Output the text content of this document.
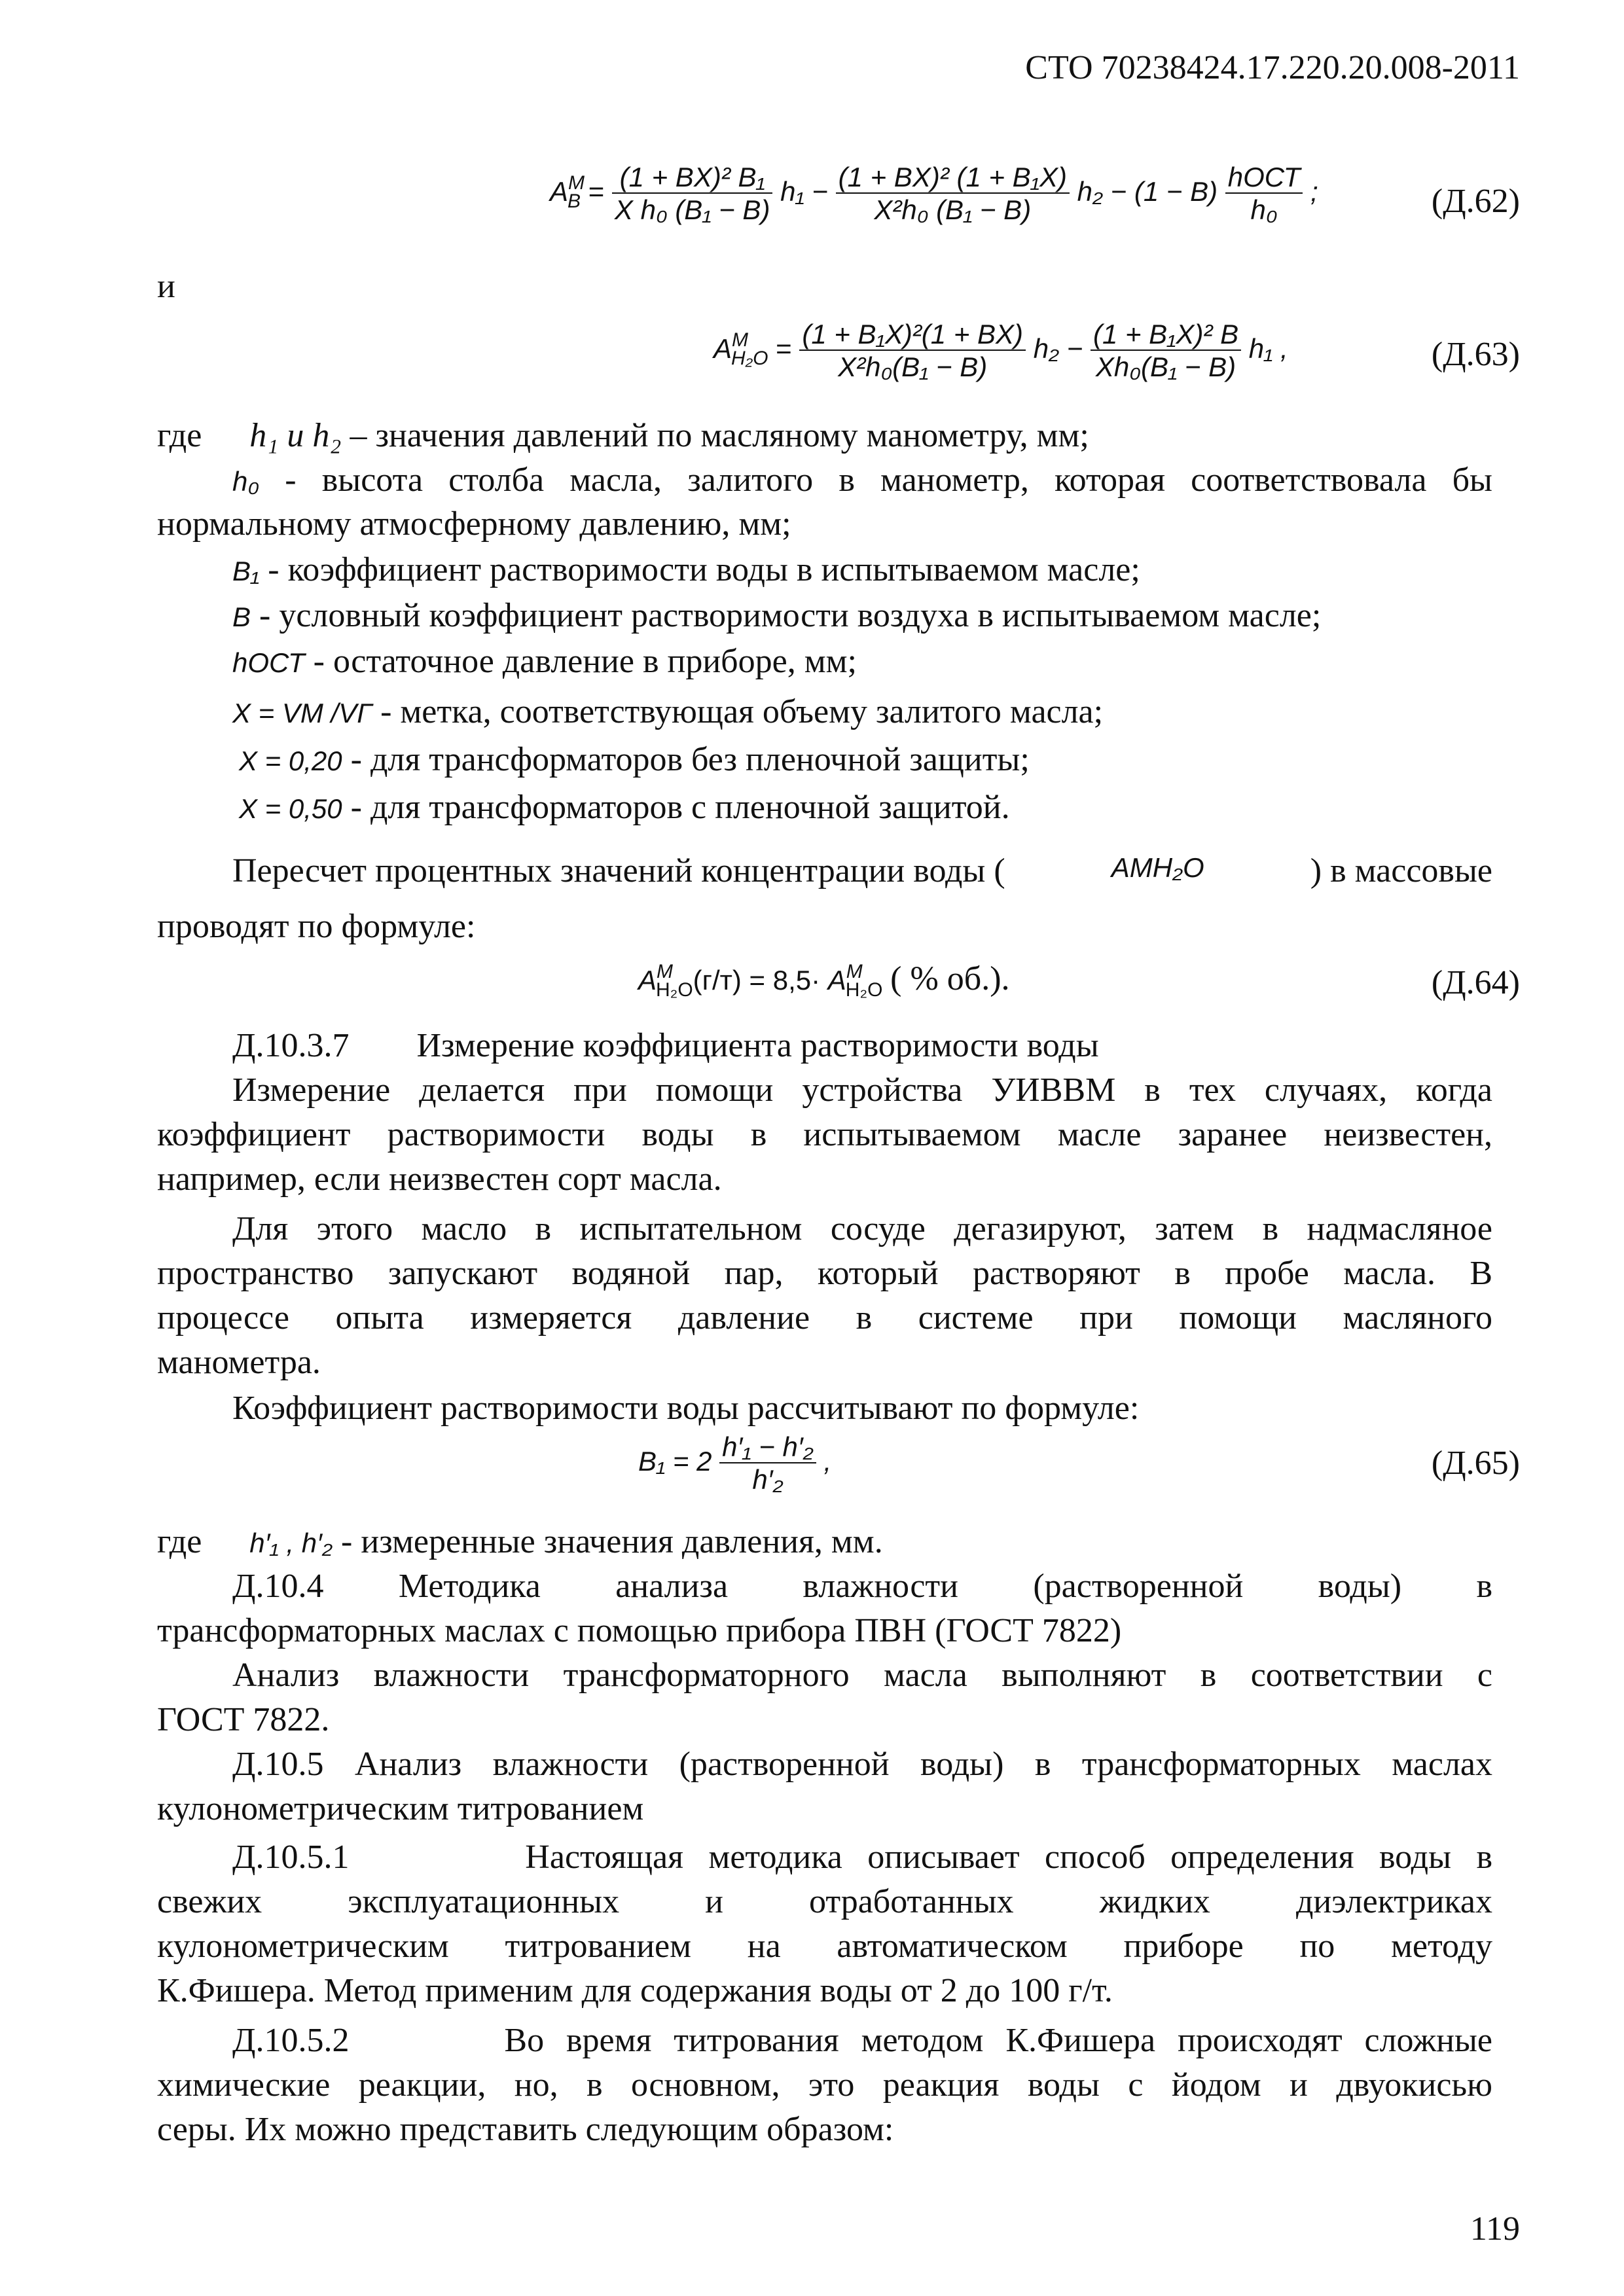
СТО 70238424.17.220.20.008-2011
$A^M_B = \frac{\text{(1 + BX)² B₁}}{\text{X h₀ (B₁ − B)}} h_1 - \frac{\text{(1 + BX)² (1 + B₁X)}}{\text{X²h₀ (B₁ − B)}} h_2 - (1 - B) \frac{\text{hОСТ}}{\text{h₀}}$ ;	(Д.62)
и
$A^M_{H_2O} = \frac{\text{(1 + B₁X)²(1 + BX)}}{\text{X²h₀(B₁ − B)}} h_2 - \frac{\text{(1 + B₁X)² B}}{\text{Xh₀(B₁ − B)}} h_1$ ,	(Д.63)
где h₁ и h₂ – значения давлений по масляному манометру, мм;
h₀ - высота столба масла, залитого в манометр, которая соответствовала бы
нормальному атмосферному давлению, мм;
B₁ - коэффициент растворимости воды в испытываемом масле;
B - условный коэффициент растворимости воздуха в испытываемом масле;
hОСТ - остаточное давление в приборе, мм;
X = VМ /VГ - метка, соответствующая объему залитого масла;
X = 0,20 - для трансформаторов без пленочной защиты;
X = 0,50 - для трансформаторов с пленочной защитой.
Пересчет процентных значений концентрации воды (	AMH₂O	) в массовые
проводят по формуле:
$A^M_{H_2O}(г/т) = 8,5\cdot A^M_{H_2O}$ ( % об.).	(Д.64)
Д.10.3.7 Измерение коэффициента растворимости воды
Измерение делается при помощи устройства УИВВМ в тех случаях, когда
коэффициент растворимости воды в испытываемом масле заранее неизвестен,
например, если неизвестен сорт масла.
Для этого масло в испытательном сосуде дегазируют, затем в надмасляное
пространство запускают водяной пар, который растворяют в пробе масла. В
процессе опыта измеряется давление в системе при помощи масляного
манометра.
Коэффициент растворимости воды рассчитывают по формуле:
$B_1 = 2 \frac{\text{h′₁ − h′₂}}{\text{h′₂}}$ ,	(Д.65)
где h′₁ , h′₂ - измеренные значения давления, мм.
Д.10.4 Методика анализа влажности (растворенной воды) в
трансформаторных маслах с помощью прибора ПВН (ГОСТ 7822)
Анализ влажности трансформаторного масла выполняют в соответствии с
ГОСТ 7822.
Д.10.5 Анализ влажности (растворенной воды) в трансформаторных маслах
кулонометрическим титрованием
Д.10.5.1       Настоящая методика описывает способ определения воды в
свежих эксплуатационных и отработанных жидких диэлектриках
кулонометрическим титрованием на автоматическом приборе по методу
К.Фишера. Метод применим для содержания воды от 2 до 100 г/т.
Д.10.5.2       Во время титрования методом К.Фишера происходят сложные
химические реакции, но, в основном, это реакция воды с йодом и двуокисью
серы. Их можно представить следующим образом:
119
